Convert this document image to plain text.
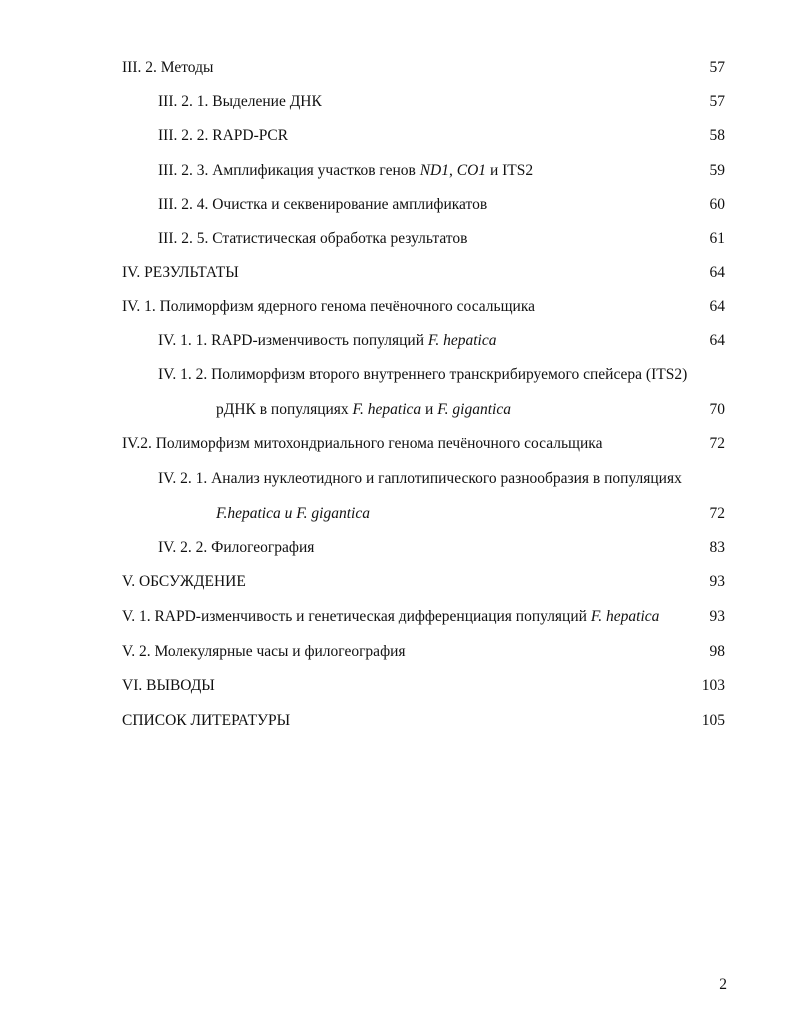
III. 2. Методы	57
III. 2. 1. Выделение ДНК	57
III. 2. 2. RAPD-PCR	58
III. 2. 3. Амплификация участков генов ND1, CO1 и ITS2	59
III. 2. 4. Очистка и секвенирование амплификатов	60
III. 2. 5. Статистическая обработка результатов	61
IV. РЕЗУЛЬТАТЫ	64
IV. 1. Полиморфизм ядерного генома печёночного сосальщика	64
IV. 1. 1. RAPD-изменчивость популяций F. hepatica	64
IV. 1. 2. Полиморфизм второго внутреннего транскрибируемого спейсера (ITS2)
рДНК в популяциях F. hepatica и F. gigantica	70
IV.2. Полиморфизм митохондриального генома печёночного сосальщика	72
IV. 2. 1. Анализ нуклеотидного и гаплотипического разнообразия в популяциях
F.hepatica и F. gigantica	72
IV. 2. 2. Филогеография	83
V. ОБСУЖДЕНИЕ	93
V. 1. RAPD-изменчивость и генетическая дифференциация популяций F. hepatica	93
V. 2. Молекулярные часы и филогеография	98
VI. ВЫВОДЫ	103
СПИСОК ЛИТЕРАТУРЫ	105
2
